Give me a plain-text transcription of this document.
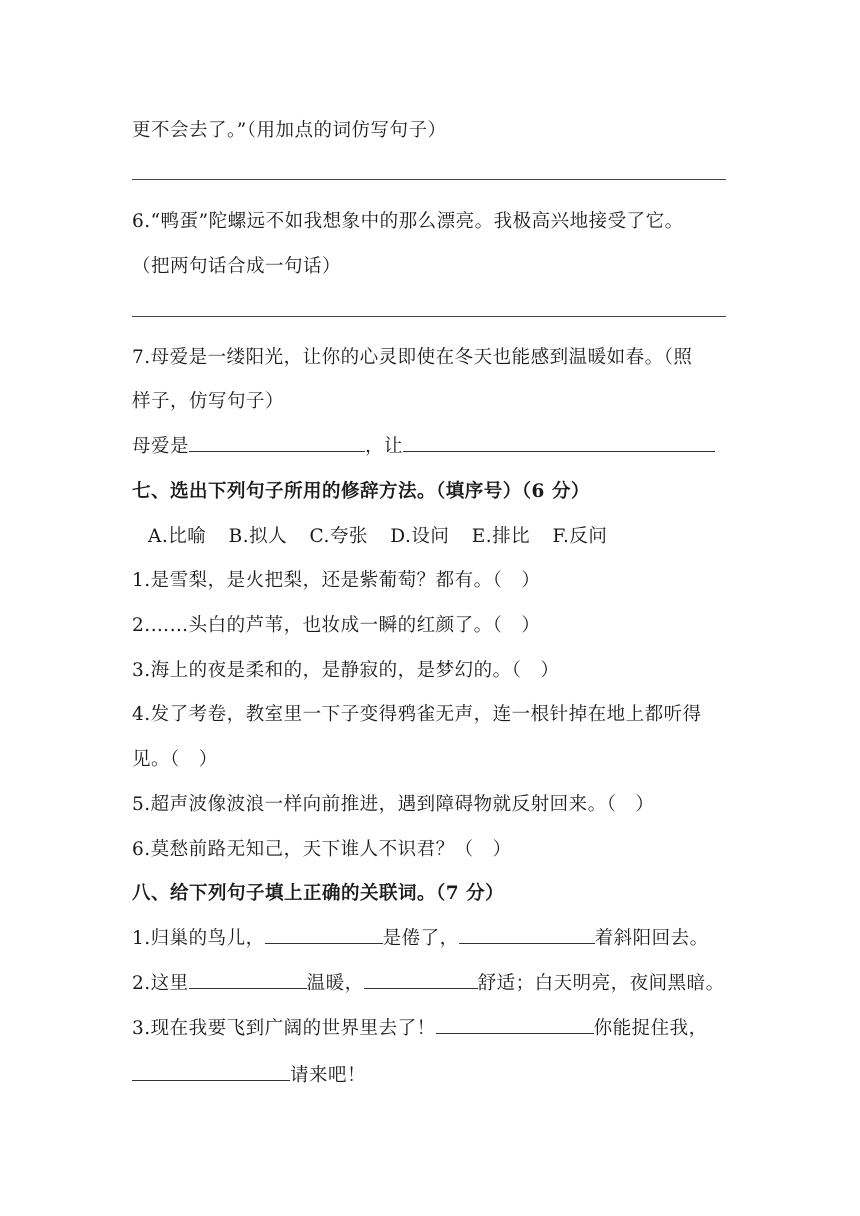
更不会去了。”（用加点的词仿写句子）
6.“鸭蛋”陀螺远不如我想象中的那么漂亮。我极高兴地接受了它。
（把两句话合成一句话）
7.母爱是一缕阳光，让你的心灵即使在冬天也能感到温暖如春。（照
样子，仿写句子）
母爱是	，让
七、选出下列句子所用的修辞方法。（填序号）（6 分）
A.比喻 B.拟人 C.夸张 D.设问 E.排比 F.反问
1.是雪梨，是火把梨，还是紫葡萄？都有。（　）
2.……头白的芦苇，也妆成一瞬的红颜了。（　）
3.海上的夜是柔和的，是静寂的，是梦幻的。（　）
4.发了考卷，教室里一下子变得鸦雀无声，连一根针掉在地上都听得
见。（　）
5.超声波像波浪一样向前推进，遇到障碍物就反射回来。（　）
6.莫愁前路无知己，天下谁人不识君？（　）
八、给下列句子填上正确的关联词。（7 分）
1.归巢的鸟儿，	是倦了，	着斜阳回去。
2.这里	温暖，	舒适；白天明亮，夜间黑暗。
3.现在我要飞到广阔的世界里去了！	你能捉住我，
请来吧！
